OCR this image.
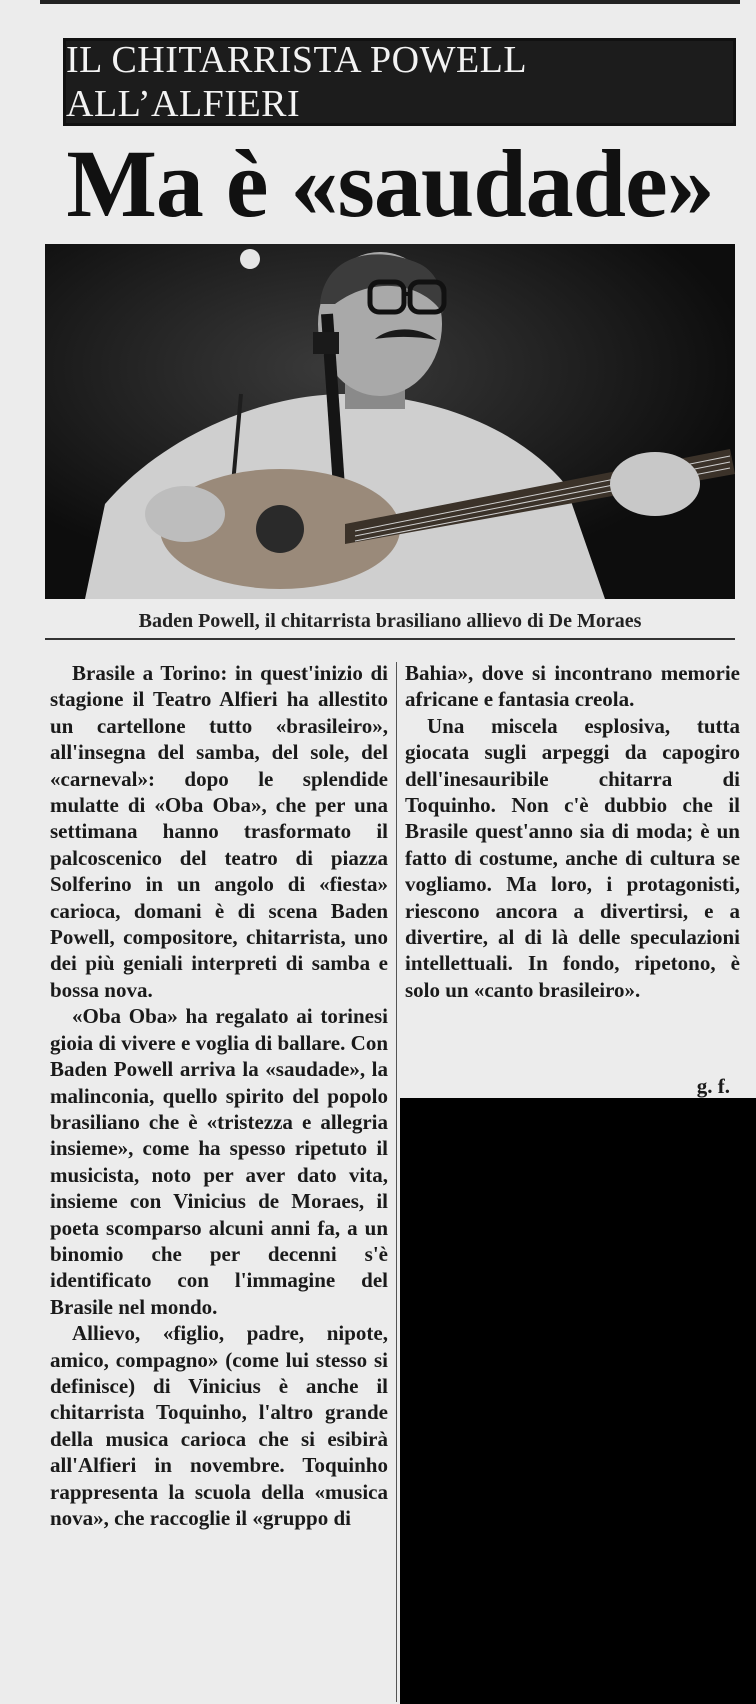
IL CHITARRISTA POWELL ALL’ALFIERI
Ma è «saudade»
Baden Powell, il chitarrista brasiliano allievo di De Moraes

Brasile a Torino: in quest'inizio di stagione il Teatro Alfieri ha allestito un cartellone tutto «brasileiro», all'insegna del samba, del sole, del «carneval»: dopo le splendide mulatte di «Oba Oba», che per una settimana hanno trasformato il palcoscenico del teatro di piazza Solferino in un angolo di «fiesta» carioca, domani è di scena Baden Powell, compositore, chitarrista, uno dei più geniali interpreti di samba e bossa nova.

«Oba Oba» ha regalato ai torinesi gioia di vivere e voglia di ballare. Con Baden Powell arriva la «saudade», la malinconia, quello spirito del popolo brasiliano che è «tristezza e allegria insieme», come ha spesso ripetuto il musicista, noto per aver dato vita, insieme con Vinicius de Moraes, il poeta scomparso alcuni anni fa, a un binomio che per decenni s'è identificato con l'immagine del Brasile nel mondo.

Allievo, «figlio, padre, nipote, amico, compagno» (come lui stesso si definisce) di Vinicius è anche il chitarrista Toquinho, l'altro grande della musica carioca che si esibirà all'Alfieri in novembre. Toquinho rappresenta la scuola della «musica nova», che raccoglie il «gruppo di

Bahia», dove si incontrano memorie africane e fantasia creola.

Una miscela esplosiva, tutta giocata sugli arpeggi da capogiro dell'inesauribile chitarra di Toquinho. Non c'è dubbio che il Brasile quest'anno sia di moda; è un fatto di costume, anche di cultura se vogliamo. Ma loro, i protagonisti, riescono ancora a divertirsi, e a divertire, al di là delle speculazioni intellettuali. In fondo, ripetono, è solo un «canto brasileiro».

g. f.
